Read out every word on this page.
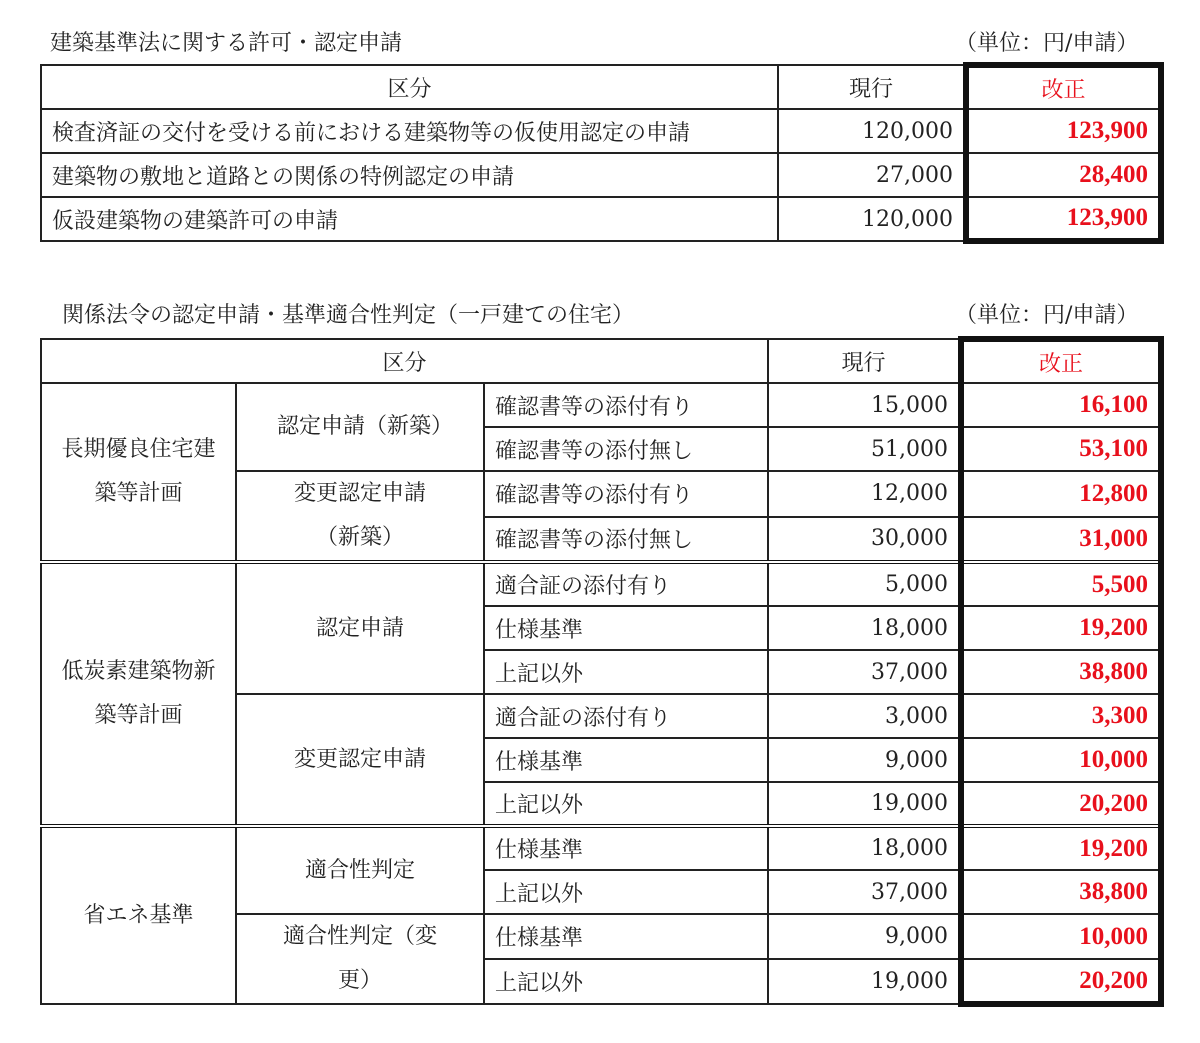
建築基準法に関する許可・認定申請	（単位：円/申請）
区分	現行	改正
検査済証の交付を受ける前における建築物等の仮使用認定の申請	120,000	123,900
建築物の敷地と道路との関係の特例認定の申請	27,000	28,400
仮設建築物の建築許可の申請	120,000	123,900
関係法令の認定申請・基準適合性判定（一戸建ての住宅）	（単位：円/申請）
区分			現行	改正
長期優良住宅建築等計画	認定申請（新築）	確認書等の添付有り	15,000	16,100
		確認書等の添付無し	51,000	53,100
	変更認定申請（新築）	確認書等の添付有り	12,000	12,800
		確認書等の添付無し	30,000	31,000
低炭素建築物新築等計画	認定申請	適合証の添付有り	5,000	5,500
		仕様基準	18,000	19,200
		上記以外	37,000	38,800
	変更認定申請	適合証の添付有り	3,000	3,300
		仕様基準	9,000	10,000
		上記以外	19,000	20,200
省エネ基準	適合性判定	仕様基準	18,000	19,200
		上記以外	37,000	38,800
	適合性判定（変更）	仕様基準	9,000	10,000
		上記以外	19,000	20,200
